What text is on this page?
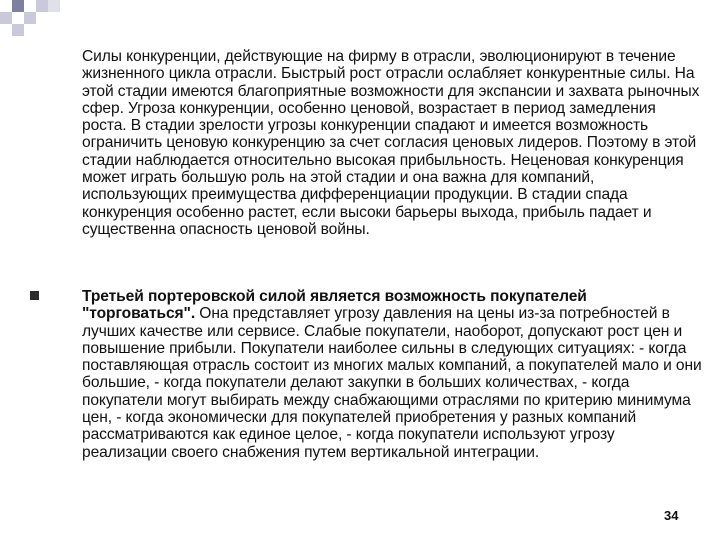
Силы конкуренции, действующие на фирму в отрасли, эволюционируют в течение жизненного цикла отрасли. Быстрый рост отрасли ослабляет конкурентные силы. На этой стадии имеются благоприятные возможности для экспансии и захвата рыночных сфер. Угроза конкуренции, особенно ценовой, возрастает в период замедления роста. В стадии зрелости угрозы конкуренции спадают и имеется возможность ограничить ценовую конкуренцию за счет согласия ценовых лидеров. Поэтому в этой стадии наблюдается относительно высокая прибыльность. Неценовая конкуренция может играть большую роль на этой стадии и она важна для компаний, использующих преимущества дифференциации продукции. В стадии спада конкуренция особенно растет, если высоки барьеры выхода, прибыль падает и существенна опасность ценовой войны.
Третьей портеровской силой является возможность покупателей "торговаться". Она представляет угрозу давления на цены из-за потребностей в лучших качестве или сервисе. Слабые покупатели, наоборот, допускают рост цен и повышение прибыли. Покупатели наиболее сильны в следующих ситуациях: - когда поставляющая отрасль состоит из многих малых компаний, а покупателей мало и они большие, - когда покупатели делают закупки в больших количествах, - когда покупатели могут выбирать между снабжающими отраслями по критерию минимума цен, - когда экономически для покупателей приобретения у разных компаний рассматриваются как единое целое, - когда покупатели используют угрозу реализации своего снабжения путем вертикальной интеграции.
34
